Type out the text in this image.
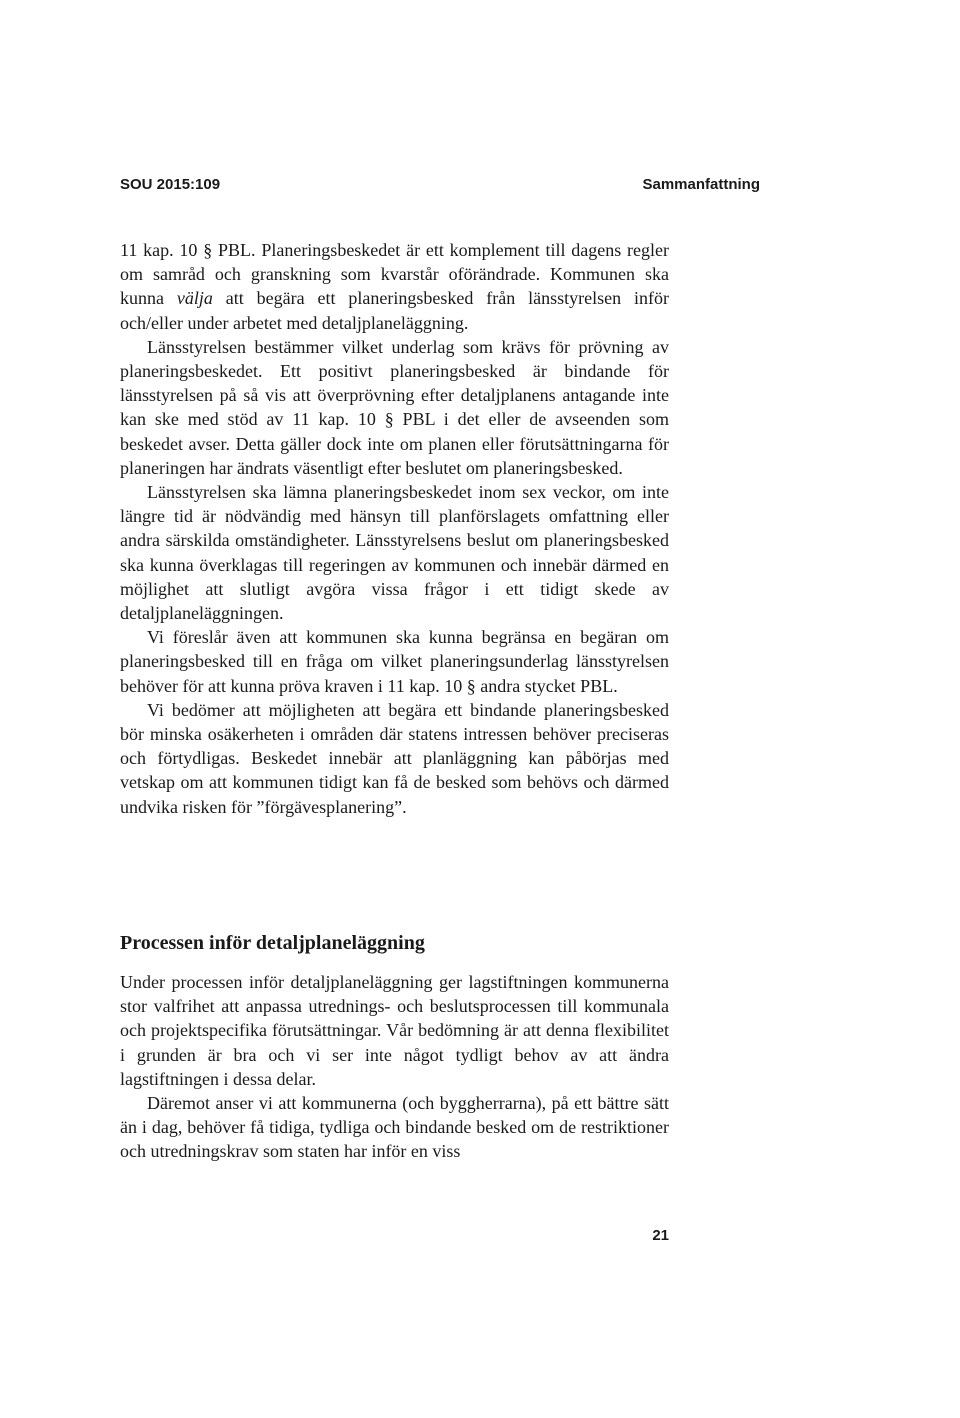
SOU 2015:109	Sammanfattning

11 kap. 10 § PBL. Planeringsbeskedet är ett komplement till dagens regler om samråd och granskning som kvarstår oförändrade. Kommunen ska kunna välja att begära ett planeringsbesked från länsstyrelsen inför och/eller under arbetet med detaljplaneläggning.

Länsstyrelsen bestämmer vilket underlag som krävs för prövning av planeringsbeskedet. Ett positivt planeringsbesked är bindande för länsstyrelsen på så vis att överprövning efter detaljplanens antagande inte kan ske med stöd av 11 kap. 10 § PBL i det eller de avseenden som beskedet avser. Detta gäller dock inte om planen eller förutsättningarna för planeringen har ändrats väsentligt efter beslutet om planeringsbesked.

Länsstyrelsen ska lämna planeringsbeskedet inom sex veckor, om inte längre tid är nödvändig med hänsyn till planförslagets omfattning eller andra särskilda omständigheter. Länsstyrelsens beslut om planeringsbesked ska kunna överklagas till regeringen av kommunen och innebär därmed en möjlighet att slutligt avgöra vissa frågor i ett tidigt skede av detaljplaneläggningen.

Vi föreslår även att kommunen ska kunna begränsa en begäran om planeringsbesked till en fråga om vilket planeringsunderlag länsstyrelsen behöver för att kunna pröva kraven i 11 kap. 10 § andra stycket PBL.

Vi bedömer att möjligheten att begära ett bindande planeringsbesked bör minska osäkerheten i områden där statens intressen behöver preciseras och förtydligas. Beskedet innebär att planläggning kan påbörjas med vetskap om att kommunen tidigt kan få de besked som behövs och därmed undvika risken för ”förgävesplanering”.

Processen inför detaljplaneläggning

Under processen inför detaljplaneläggning ger lagstiftningen kommunerna stor valfrihet att anpassa utrednings- och beslutsprocessen till kommunala och projektspecifika förutsättningar. Vår bedömning är att denna flexibilitet i grunden är bra och vi ser inte något tydligt behov av att ändra lagstiftningen i dessa delar.

Däremot anser vi att kommunerna (och byggherrarna), på ett bättre sätt än i dag, behöver få tidiga, tydliga och bindande besked om de restriktioner och utredningskrav som staten har inför en viss

21
